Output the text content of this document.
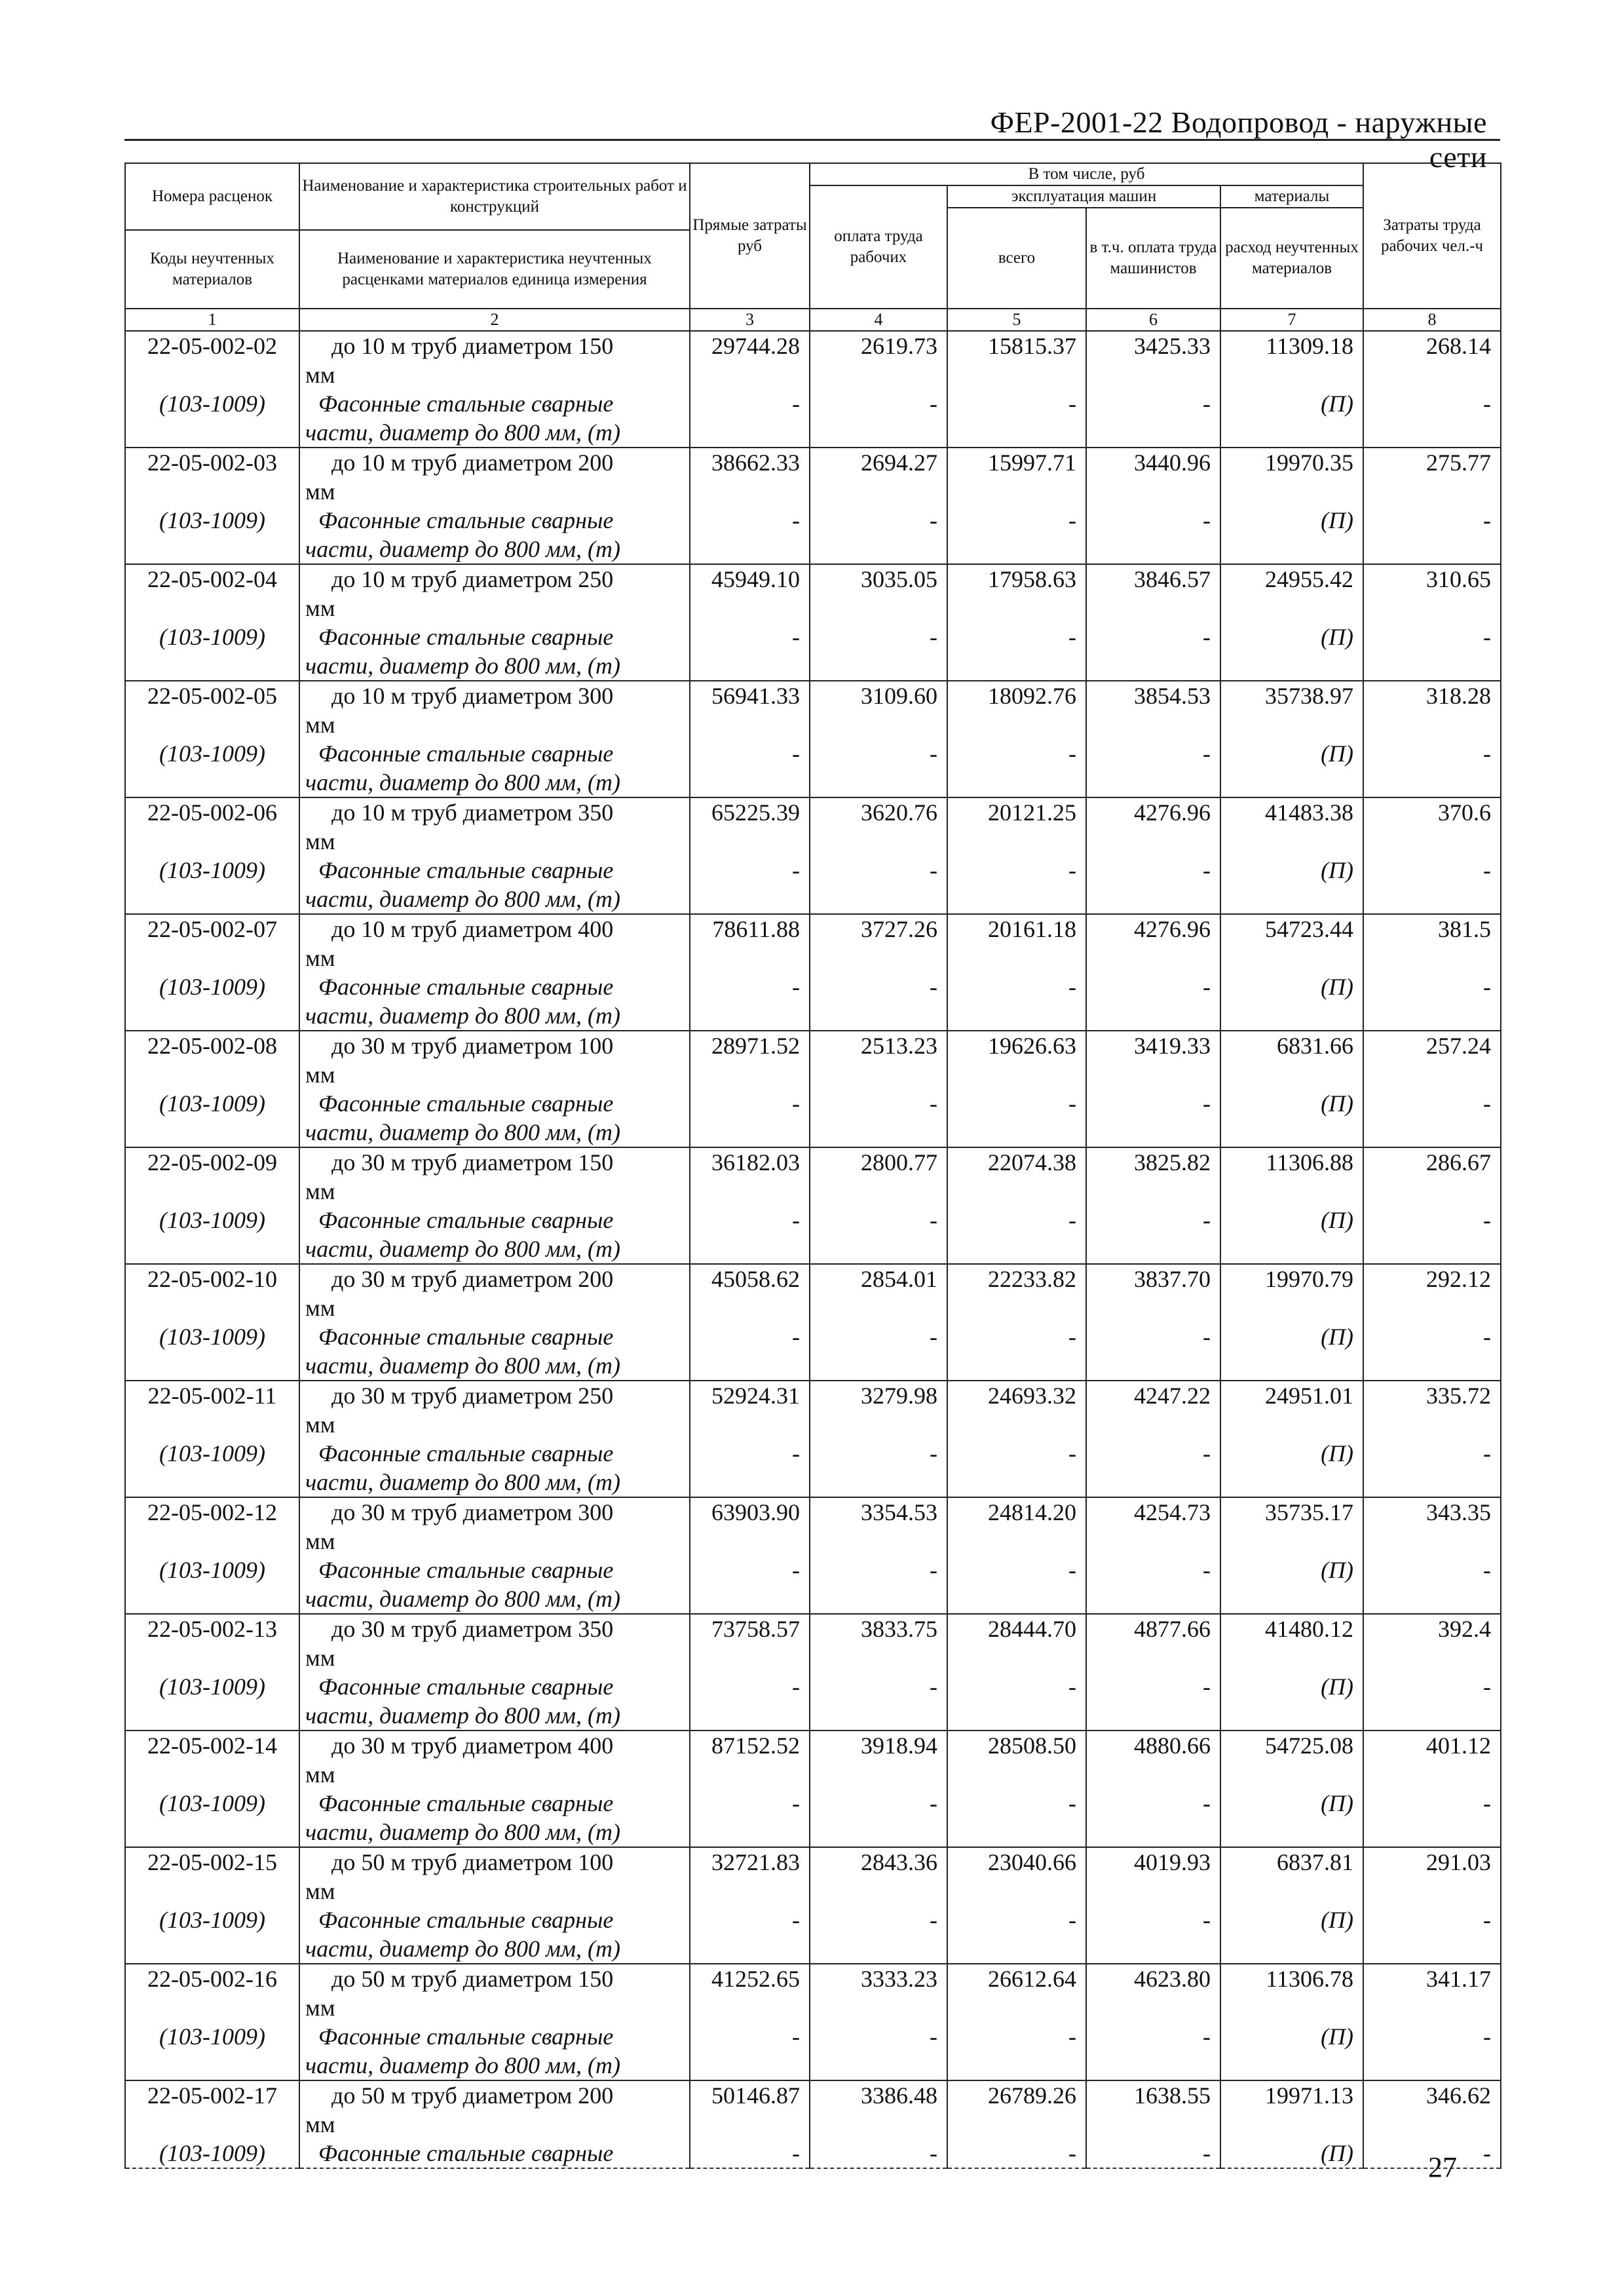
ФЕР-2001-22 Водопровод - наружные сети
Номера расценок	Наименование и характеристика строительных работ и конструкций	Прямые затраты руб	В том числе, руб				Затраты труда рабочих чел.-ч
			оплата труда рабочих	эксплуатация машин		материалы	
				всего	в т.ч. оплата труда машинистов	расход неучтенных материалов	
Коды неучтенных материалов	Наименование и характеристика неучтенных расценками материалов единица измерения						

1	2	3	4	5	6	7	8
22-05-002-02	до 10 м труб диаметром 150	29744.28	2619.73	15815.37	3425.33	11309.18	268.14
	мм						
(103-1009)	Фасонные стальные сварные	-	-	-	-	(П)	-
	части, диаметр до 800 мм, (т)						
22-05-002-03	до 10 м труб диаметром 200	38662.33	2694.27	15997.71	3440.96	19970.35	275.77
	мм						
(103-1009)	Фасонные стальные сварные	-	-	-	-	(П)	-
	части, диаметр до 800 мм, (т)						
22-05-002-04	до 10 м труб диаметром 250	45949.10	3035.05	17958.63	3846.57	24955.42	310.65
	мм						
(103-1009)	Фасонные стальные сварные	-	-	-	-	(П)	-
	части, диаметр до 800 мм, (т)						
22-05-002-05	до 10 м труб диаметром 300	56941.33	3109.60	18092.76	3854.53	35738.97	318.28
	мм						
(103-1009)	Фасонные стальные сварные	-	-	-	-	(П)	-
	части, диаметр до 800 мм, (т)						
22-05-002-06	до 10 м труб диаметром 350	65225.39	3620.76	20121.25	4276.96	41483.38	370.6
	мм						
(103-1009)	Фасонные стальные сварные	-	-	-	-	(П)	-
	части, диаметр до 800 мм, (т)						
22-05-002-07	до 10 м труб диаметром 400	78611.88	3727.26	20161.18	4276.96	54723.44	381.5
	мм						
(103-1009)	Фасонные стальные сварные	-	-	-	-	(П)	-
	части, диаметр до 800 мм, (т)						
22-05-002-08	до 30 м труб диаметром 100	28971.52	2513.23	19626.63	3419.33	6831.66	257.24
	мм						
(103-1009)	Фасонные стальные сварные	-	-	-	-	(П)	-
	части, диаметр до 800 мм, (т)						
22-05-002-09	до 30 м труб диаметром 150	36182.03	2800.77	22074.38	3825.82	11306.88	286.67
	мм						
(103-1009)	Фасонные стальные сварные	-	-	-	-	(П)	-
	части, диаметр до 800 мм, (т)						
22-05-002-10	до 30 м труб диаметром 200	45058.62	2854.01	22233.82	3837.70	19970.79	292.12
	мм						
(103-1009)	Фасонные стальные сварные	-	-	-	-	(П)	-
	части, диаметр до 800 мм, (т)						
22-05-002-11	до 30 м труб диаметром 250	52924.31	3279.98	24693.32	4247.22	24951.01	335.72
	мм						
(103-1009)	Фасонные стальные сварные	-	-	-	-	(П)	-
	части, диаметр до 800 мм, (т)						
22-05-002-12	до 30 м труб диаметром 300	63903.90	3354.53	24814.20	4254.73	35735.17	343.35
	мм						
(103-1009)	Фасонные стальные сварные	-	-	-	-	(П)	-
	части, диаметр до 800 мм, (т)						
22-05-002-13	до 30 м труб диаметром 350	73758.57	3833.75	28444.70	4877.66	41480.12	392.4
	мм						
(103-1009)	Фасонные стальные сварные	-	-	-	-	(П)	-
	части, диаметр до 800 мм, (т)						
22-05-002-14	до 30 м труб диаметром 400	87152.52	3918.94	28508.50	4880.66	54725.08	401.12
	мм						
(103-1009)	Фасонные стальные сварные	-	-	-	-	(П)	-
	части, диаметр до 800 мм, (т)						
22-05-002-15	до 50 м труб диаметром 100	32721.83	2843.36	23040.66	4019.93	6837.81	291.03
	мм						
(103-1009)	Фасонные стальные сварные	-	-	-	-	(П)	-
	части, диаметр до 800 мм, (т)						
22-05-002-16	до 50 м труб диаметром 150	41252.65	3333.23	26612.64	4623.80	11306.78	341.17
	мм						
(103-1009)	Фасонные стальные сварные	-	-	-	-	(П)	-
	части, диаметр до 800 мм, (т)						
22-05-002-17	до 50 м труб диаметром 200	50146.87	3386.48	26789.26	1638.55	19971.13	346.62
	мм						
(103-1009)	Фасонные стальные сварные	-	-	-	-	(П)	-
27
